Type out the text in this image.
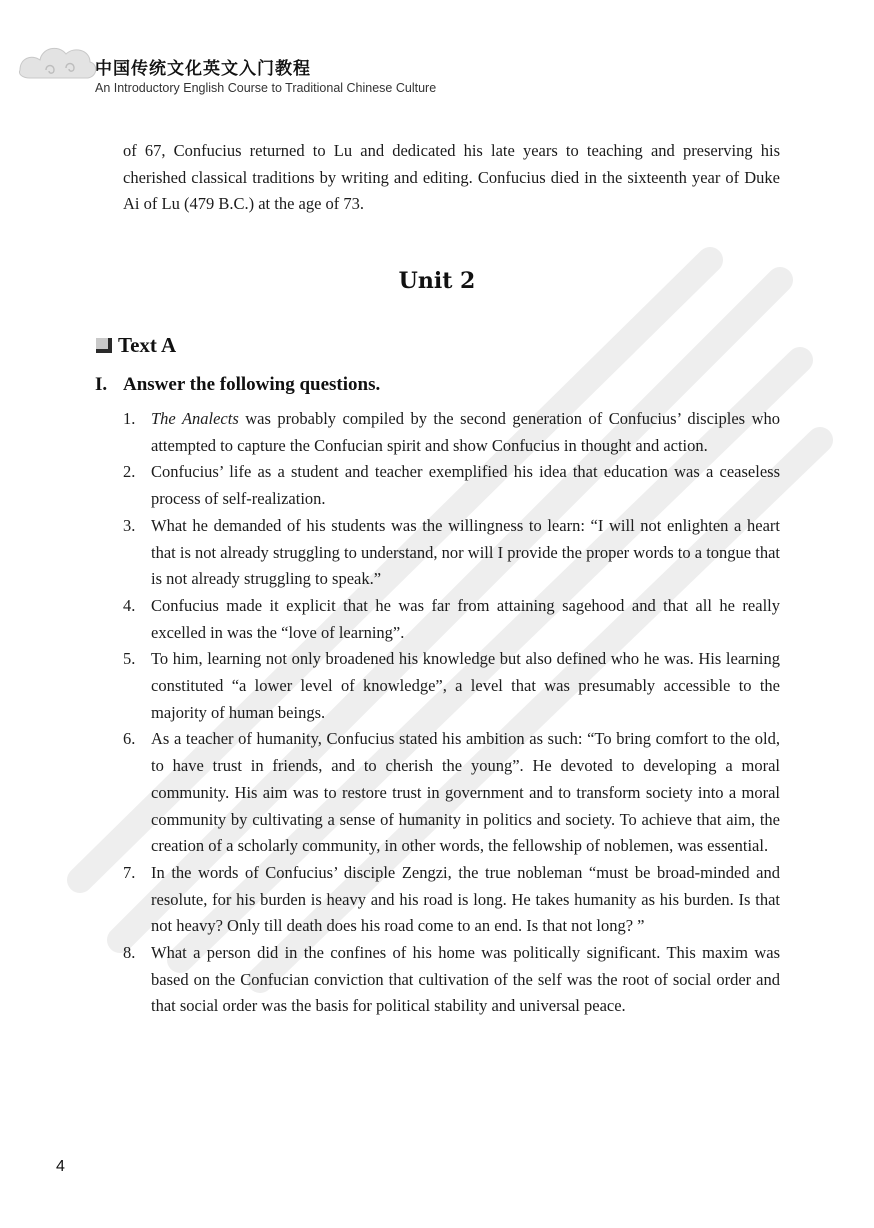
中国传统文化英文入门教程
An Introductory English Course to Traditional Chinese Culture

of 67, Confucius returned to Lu and dedicated his late years to teaching and preserving his cherished classical traditions by writing and editing. Confucius died in the sixteenth year of Duke Ai of Lu (479 B.C.) at the age of 73.

Unit 2
Text A
I. Answer the following questions.
1. The Analects was probably compiled by the second generation of Confucius’ disciples who attempted to capture the Confucian spirit and show Confucius in thought and action.
2. Confucius’ life as a student and teacher exemplified his idea that education was a ceaseless process of self-realization.
3. What he demanded of his students was the willingness to learn: “I will not enlighten a heart that is not already struggling to understand, nor will I provide the proper words to a tongue that is not already struggling to speak.”
4. Confucius made it explicit that he was far from attaining sagehood and that all he really excelled in was the “love of learning”.
5. To him, learning not only broadened his knowledge but also defined who he was. His learning constituted “a lower level of knowledge”, a level that was presumably accessible to the majority of human beings.
6. As a teacher of humanity, Confucius stated his ambition as such: “To bring comfort to the old, to have trust in friends, and to cherish the young”. He devoted to developing a moral community. His aim was to restore trust in government and to transform society into a moral community by cultivating a sense of humanity in politics and society. To achieve that aim, the creation of a scholarly community, in other words, the fellowship of noblemen, was essential.
7. In the words of Confucius’ disciple Zengzi, the true nobleman “must be broad-minded and resolute, for his burden is heavy and his road is long. He takes humanity as his burden. Is that not heavy? Only till death does his road come to an end. Is that not long? ”
8. What a person did in the confines of his home was politically significant. This maxim was based on the Confucian conviction that cultivation of the self was the root of social order and that social order was the basis for political stability and universal peace.
4
